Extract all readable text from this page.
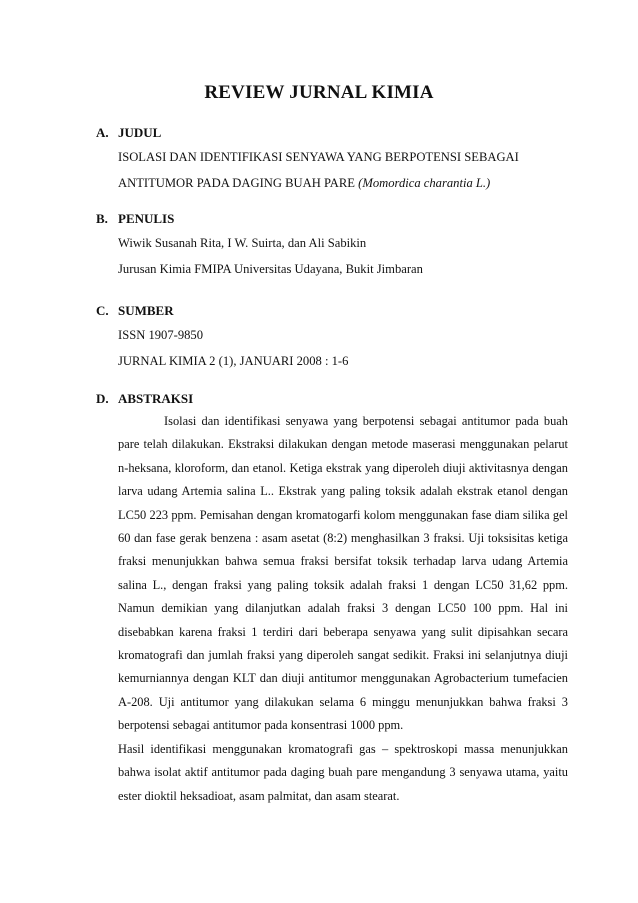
REVIEW JURNAL KIMIA
A. JUDUL
ISOLASI DAN IDENTIFIKASI SENYAWA YANG BERPOTENSI SEBAGAI
ANTITUMOR PADA DAGING BUAH PARE (Momordica charantia L.)
B. PENULIS
Wiwik Susanah Rita, I W. Suirta, dan Ali Sabikin
Jurusan Kimia FMIPA Universitas Udayana, Bukit Jimbaran
C. SUMBER
ISSN 1907-9850
JURNAL KIMIA 2 (1), JANUARI 2008 : 1-6
D. ABSTRAKSI

Isolasi dan identifikasi senyawa yang berpotensi sebagai antitumor pada buah pare telah dilakukan. Ekstraksi dilakukan dengan metode maserasi menggunakan pelarut n-heksana, kloroform, dan etanol. Ketiga ekstrak yang diperoleh diuji aktivitasnya dengan larva udang Artemia salina L.. Ekstrak yang paling toksik adalah ekstrak etanol dengan LC50 223 ppm. Pemisahan dengan kromatogarfi kolom menggunakan fase diam silika gel 60 dan fase gerak benzena : asam asetat (8:2) menghasilkan 3 fraksi. Uji toksisitas ketiga fraksi menunjukkan bahwa semua fraksi bersifat toksik terhadap larva udang Artemia salina L., dengan fraksi yang paling toksik adalah fraksi 1 dengan LC50 31,62 ppm. Namun demikian yang dilanjutkan adalah fraksi 3 dengan LC50 100 ppm. Hal ini disebabkan karena fraksi 1 terdiri dari beberapa senyawa yang sulit dipisahkan secara kromatografi dan jumlah fraksi yang diperoleh sangat sedikit. Fraksi ini selanjutnya diuji kemurniannya dengan KLT dan diuji antitumor menggunakan Agrobacterium tumefacien A-208. Uji antitumor yang dilakukan selama 6 minggu menunjukkan bahwa fraksi 3 berpotensi sebagai antitumor pada konsentrasi 1000 ppm.

Hasil identifikasi menggunakan kromatografi gas – spektroskopi massa menunjukkan bahwa isolat aktif antitumor pada daging buah pare mengandung 3 senyawa utama, yaitu ester dioktil heksadioat, asam palmitat, dan asam stearat.
